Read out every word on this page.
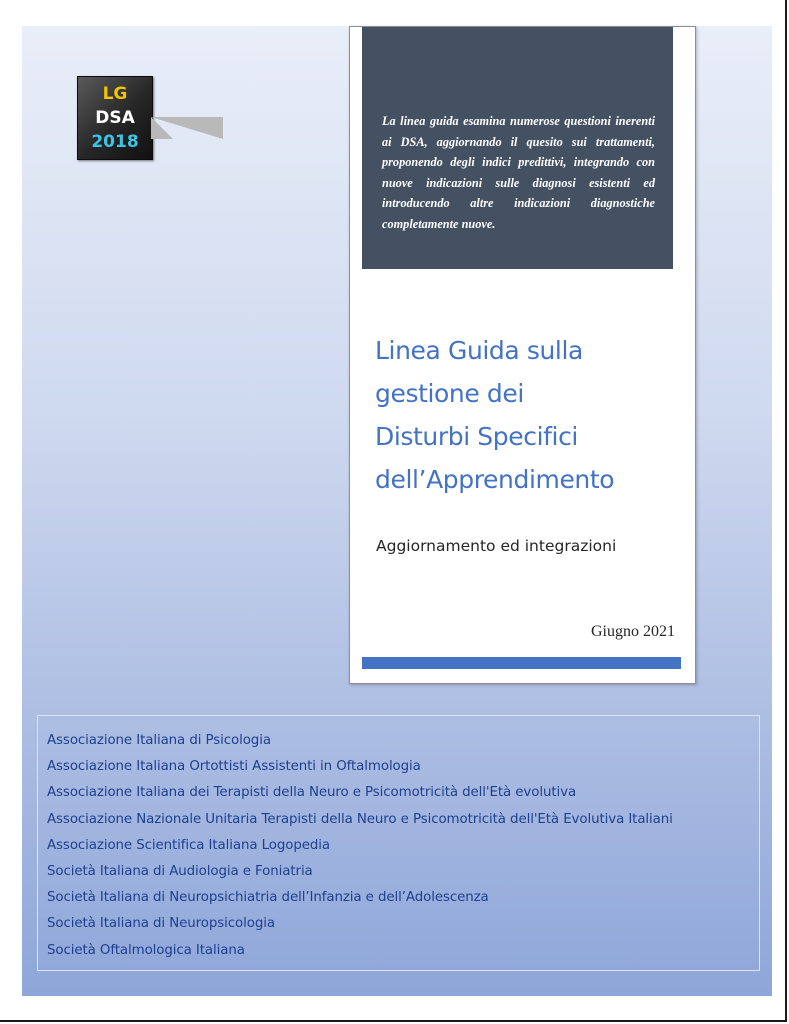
LG
DSA
2018

La linea guida esamina numerose questioni inerenti ai DSA, aggiornando il quesito sui trattamenti, proponendo degli indici predittivi, integrando con nuove indicazioni sulle diagnosi esistenti ed introducendo altre indicazioni diagnostiche completamente nuove.

Linea Guida sulla
gestione dei
Disturbi Specifici
dell’Apprendimento

Aggiornamento ed integrazioni

Giugno 2021

Associazione Italiana di Psicologia
Associazione Italiana Ortottisti Assistenti in Oftalmologia
Associazione Italiana dei Terapisti della Neuro e Psicomotricità dell'Età evolutiva
Associazione Nazionale Unitaria Terapisti della Neuro e Psicomotricità dell'Età Evolutiva Italiani
Associazione Scientifica Italiana Logopedia
Società Italiana di Audiologia e Foniatria
Società Italiana di Neuropsichiatria dell’Infanzia e dell’Adolescenza
Società Italiana di Neuropsicologia
Società Oftalmologica Italiana
